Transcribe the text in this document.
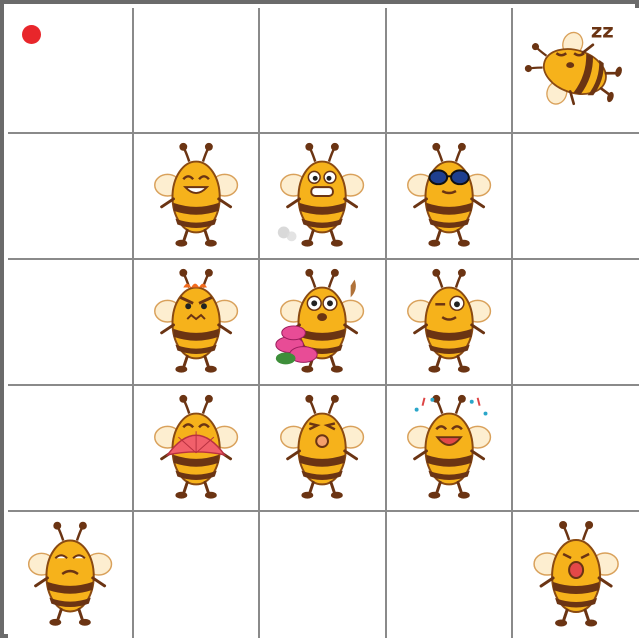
zz
